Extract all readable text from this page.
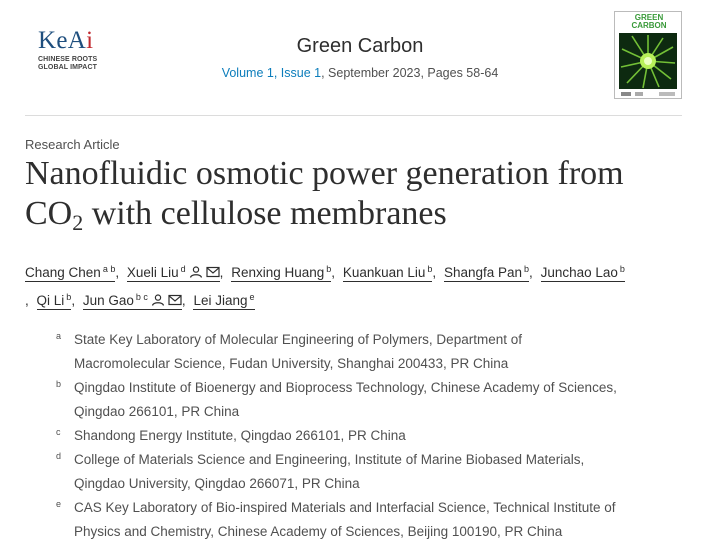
KeAi
CHINESE ROOTS
GLOBAL IMPACT
Green Carbon
Volume 1, Issue 1, September 2023, Pages 58-64
GREEN
CARBON
Research Article
Nanofluidic osmotic power generation from
$CO_2$ with cellulose membranes
Chang Chen $^{a b}$, Xueli Liu $^d$	, Renxing Huang $^b$, Kuankuan Liu $^b$, Shangfa Pan $^b$, Junchao Lao $^b$
, Qi Li $^b$, Jun Gao $^{b c}$	, Lei Jiang $^e$
a State Key Laboratory of Molecular Engineering of Polymers, Department of
Macromolecular Science, Fudan University, Shanghai 200433, PR China
b Qingdao Institute of Bioenergy and Bioprocess Technology, Chinese Academy of Sciences,
Qingdao 266101, PR China
c Shandong Energy Institute, Qingdao 266101, PR China
d College of Materials Science and Engineering, Institute of Marine Biobased Materials,
Qingdao University, Qingdao 266071, PR China
e CAS Key Laboratory of Bio-inspired Materials and Interfacial Science, Technical Institute of
Physics and Chemistry, Chinese Academy of Sciences, Beijing 100190, PR China
